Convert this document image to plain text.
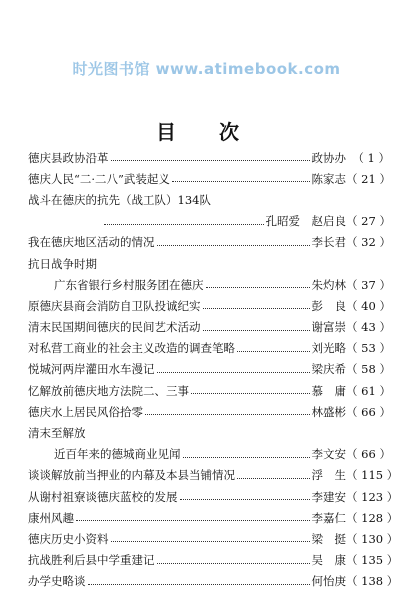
时光图书馆 www.atimebook.com
目 次
德庆县政协沿革	政协办 （ 1 ）
德庆人民“二·二八”武装起义	陈家志 （ 21 ）
战斗在德庆的抗先（战工队）134队
孔昭爱　赵启良 （ 27 ）
我在德庆地区活动的情况	李长君 （ 32 ）
抗日战争时期
广东省银行乡村服务团在德庆	朱灼林 （ 37 ）
原德庆县商会消防自卫队投诚纪实	彭　良 （ 40 ）
清末民国期间德庆的民间艺术活动	谢富崇 （ 43 ）
对私营工商业的社会主义改造的调查笔略	刘光略 （ 53 ）
悦城河两岸灌田水车漫记	梁庆希 （ 58 ）
忆解放前德庆地方法院二、三事	慕　庸 （ 61 ）
德庆水上居民风俗拾零	林盛彬 （ 66 ）
清末至解放
近百年来的德城商业见闻	李文安 （ 66 ）
谈谈解放前当押业的内幕及本县当铺情况	浮　生 （ 115 ）
从谢村祖寮谈德庆蓝校的发展	李建安 （ 123 ）
康州风趣	李嘉仁 （ 128 ）
德庆历史小资料	梁　挺 （ 130 ）
抗战胜利后县中学重建记	吴　康 （ 135 ）
办学史略谈	何怡庚 （ 138 ）
